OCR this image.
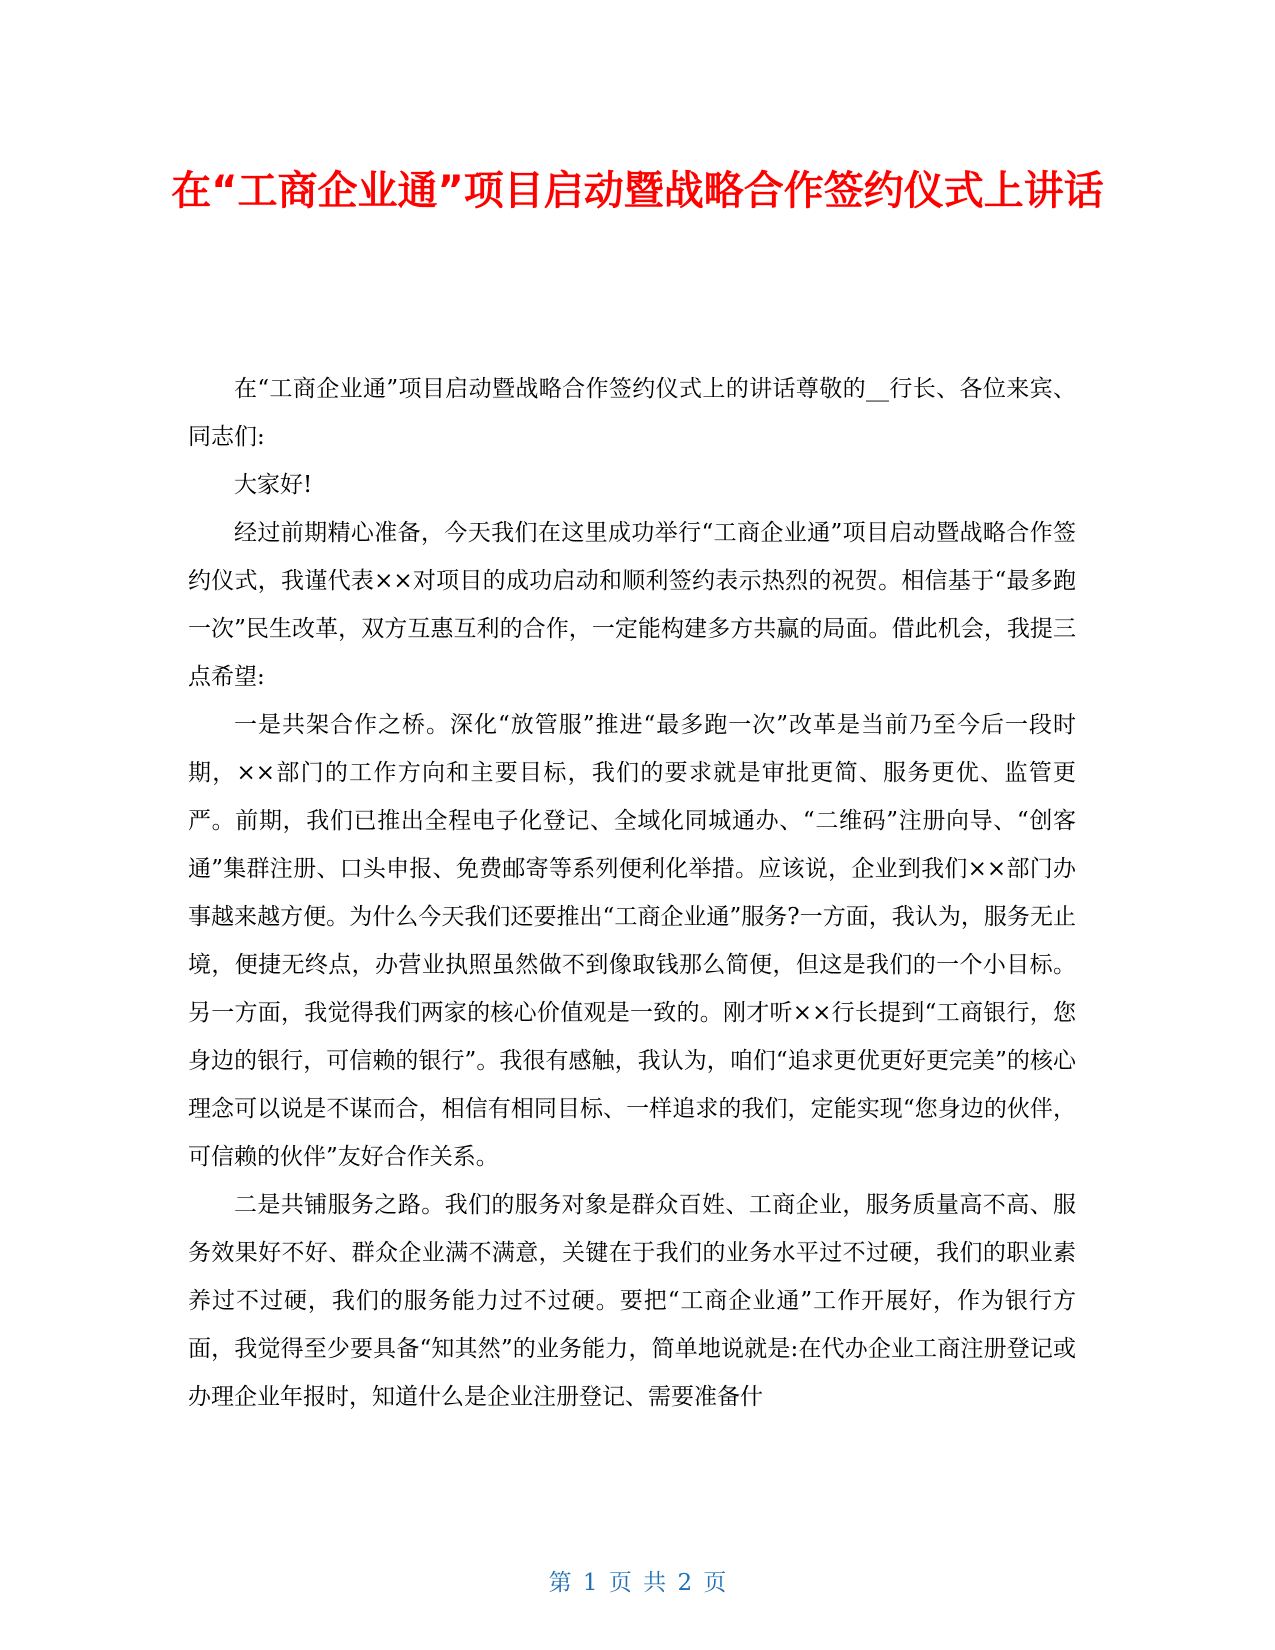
在“工商企业通”项目启动暨战略合作签约仪式上讲话

在“工商企业通”项目启动暨战略合作签约仪式上的讲话尊敬的__行长、各位来宾、同志们:

大家好!

经过前期精心准备，今天我们在这里成功举行“工商企业通”项目启动暨战略合作签约仪式，我谨代表××对项目的成功启动和顺利签约表示热烈的祝贺。相信基于“最多跑一次”民生改革，双方互惠互利的合作，一定能构建多方共赢的局面。借此机会，我提三点希望:

一是共架合作之桥。深化“放管服”推进“最多跑一次”改革是当前乃至今后一段时期，××部门的工作方向和主要目标，我们的要求就是审批更简、服务更优、监管更严。前期，我们已推出全程电子化登记、全域化同城通办、“二维码”注册向导、“创客通”集群注册、口头申报、免费邮寄等系列便利化举措。应该说，企业到我们××部门办事越来越方便。为什么今天我们还要推出“工商企业通”服务?一方面，我认为，服务无止境，便捷无终点，办营业执照虽然做不到像取钱那么简便，但这是我们的一个小目标。另一方面，我觉得我们两家的核心价值观是一致的。刚才听××行长提到“工商银行，您身边的银行，可信赖的银行”。我很有感触，我认为，咱们“追求更优更好更完美”的核心理念可以说是不谋而合，相信有相同目标、一样追求的我们，定能实现“您身边的伙伴，可信赖的伙伴”友好合作关系。

二是共铺服务之路。我们的服务对象是群众百姓、工商企业，服务质量高不高、服务效果好不好、群众企业满不满意，关键在于我们的业务水平过不过硬，我们的职业素养过不过硬，我们的服务能力过不过硬。要把“工商企业通”工作开展好，作为银行方面，我觉得至少要具备“知其然”的业务能力，简单地说就是:在代办企业工商注册登记或办理企业年报时，知道什么是企业注册登记、需要准备什

第 1 页 共 2 页
